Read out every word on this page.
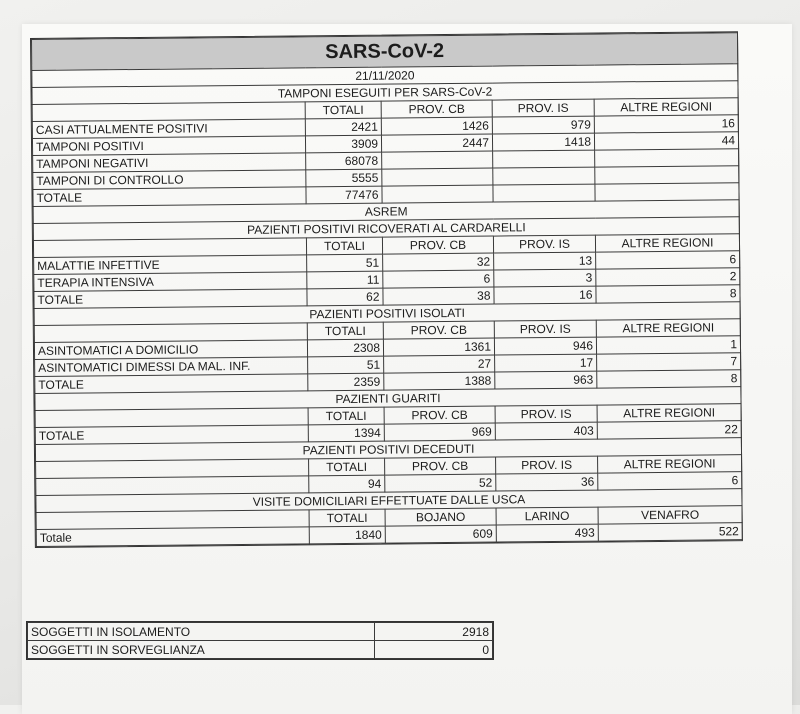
SARS-CoV-2				
21/11/2020				
TAMPONI ESEGUITI PER SARS-CoV-2				
	TOTALI	PROV. CB	PROV. IS	ALTRE REGIONI
CASI ATTUALMENTE POSITIVI	2421	1426	979	16
TAMPONI POSITIVI	3909	2447	1418	44
TAMPONI NEGATIVI	68078			
TAMPONI DI CONTROLLO	5555			
TOTALE	77476			
ASREM				
PAZIENTI POSITIVI RICOVERATI AL CARDARELLI				
	TOTALI	PROV. CB	PROV. IS	ALTRE REGIONI
MALATTIE INFETTIVE	51	32	13	6
TERAPIA INTENSIVA	11	6	3	2
TOTALE	62	38	16	8
PAZIENTI POSITIVI ISOLATI				
	TOTALI	PROV. CB	PROV. IS	ALTRE REGIONI
ASINTOMATICI A DOMICILIO	2308	1361	946	1
ASINTOMATICI DIMESSI DA MAL. INF.	51	27	17	7
TOTALE	2359	1388	963	8
PAZIENTI GUARITI				
	TOTALI	PROV. CB	PROV. IS	ALTRE REGIONI
TOTALE	1394	969	403	22
PAZIENTI POSITIVI DECEDUTI				
	TOTALI	PROV. CB	PROV. IS	ALTRE REGIONI
	94	52	36	6
VISITE DOMICILIARI EFFETTUATE DALLE USCA				
	TOTALI	BOJANO	LARINO	VENAFRO
Totale	1840	609	493	522
SOGGETTI IN ISOLAMENTO	2918
SOGGETTI IN SORVEGLIANZA	0
